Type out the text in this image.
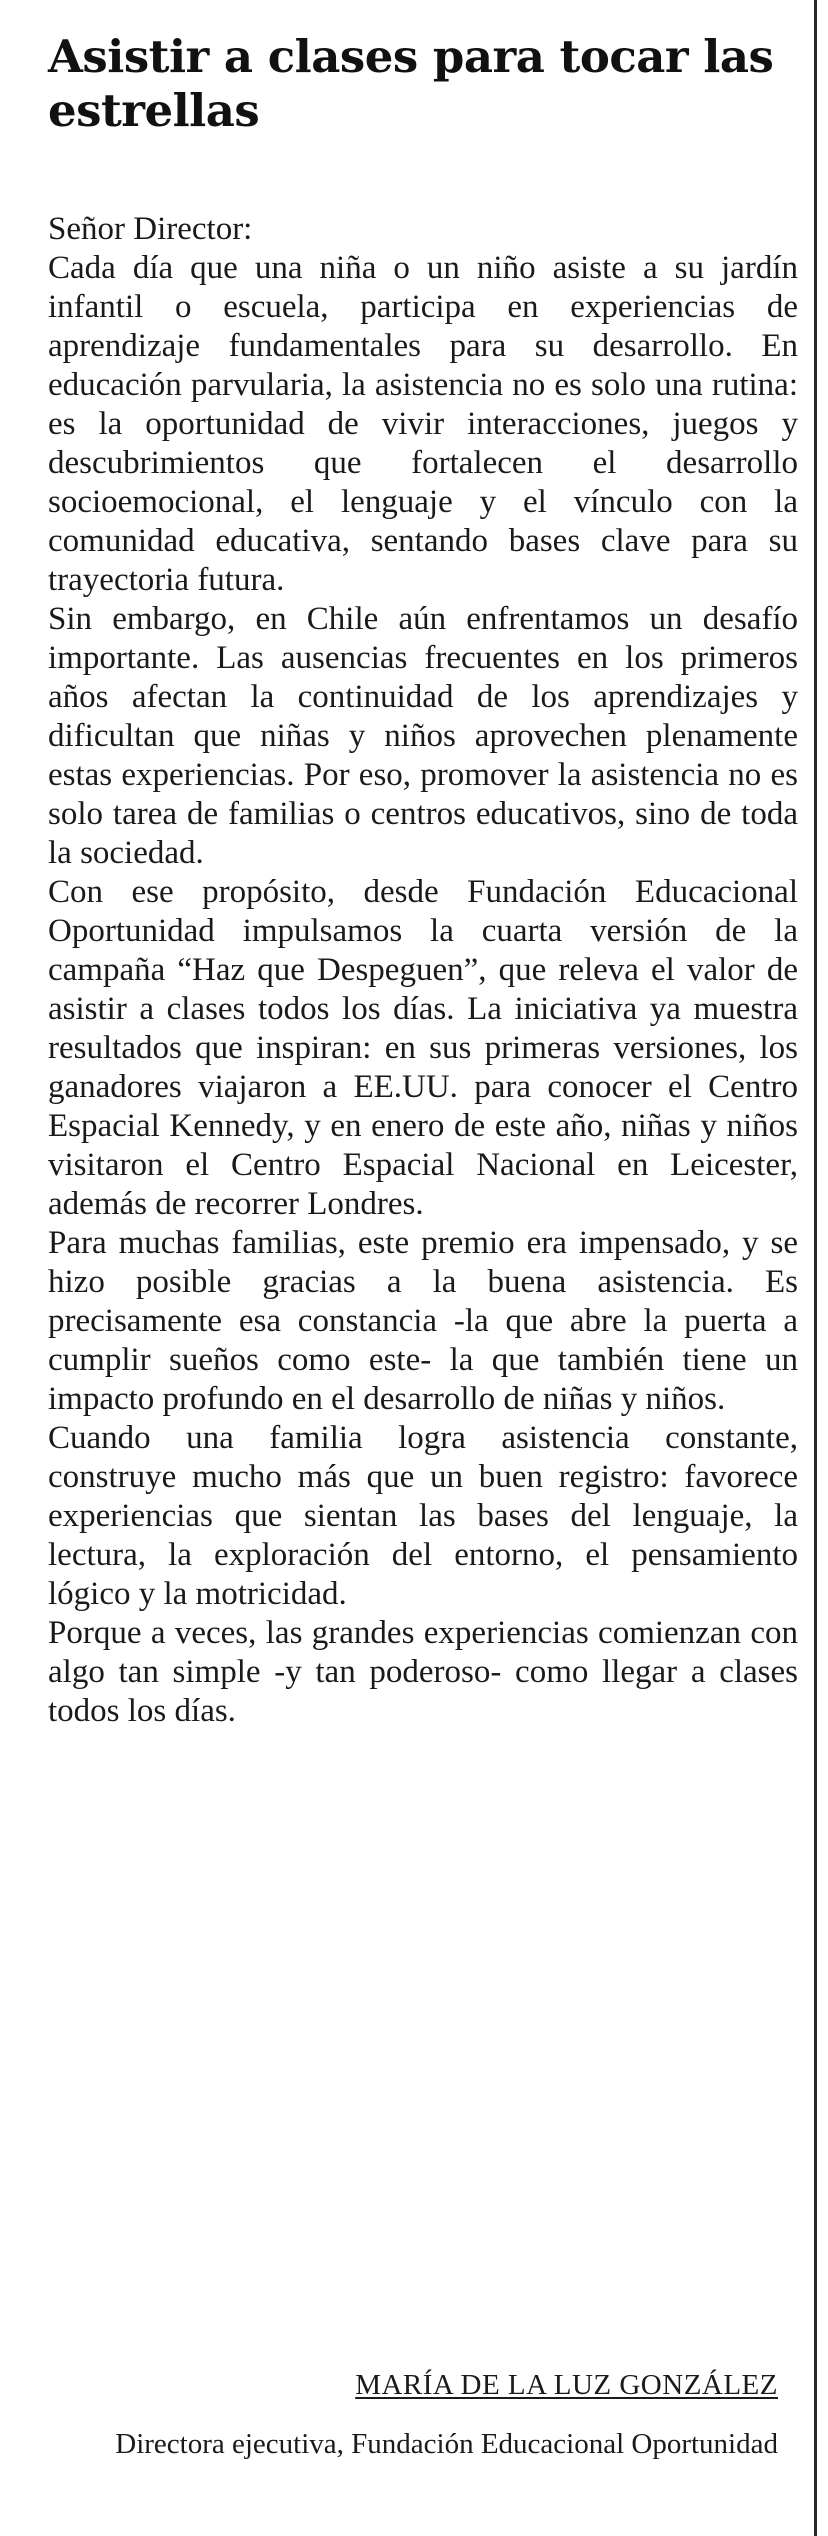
Asistir a clases para tocar las estrellas

Señor Director:

Cada día que una niña o un niño asiste a su jardín infantil o escuela, participa en experiencias de aprendizaje fundamentales para su desarrollo. En educación parvularia, la asistencia no es solo una rutina: es la oportunidad de vivir interacciones, juegos y descubrimientos que fortalecen el desarrollo socioemocional, el lenguaje y el vínculo con la comunidad educativa, sentando bases clave para su trayectoria futura.

Sin embargo, en Chile aún enfrentamos un desafío importante. Las ausencias frecuentes en los primeros años afectan la continuidad de los aprendizajes y dificultan que niñas y niños aprovechen plenamente estas experiencias. Por eso, promover la asistencia no es solo tarea de familias o centros educativos, sino de toda la sociedad.

Con ese propósito, desde Fundación Educacional Oportunidad impulsamos la cuarta versión de la campaña “Haz que Despeguen”, que releva el valor de asistir a clases todos los días. La iniciativa ya muestra resultados que inspiran: en sus primeras versiones, los ganadores viajaron a EE.UU. para conocer el Centro Espacial Kennedy, y en enero de este año, niñas y niños visitaron el Centro Espacial Nacional en Leicester, además de recorrer Londres.

Para muchas familias, este premio era impensado, y se hizo posible gracias a la buena asistencia. Es precisamente esa constancia -la que abre la puerta a cumplir sueños como este- la que también tiene un impacto profundo en el desarrollo de niñas y niños.

Cuando una familia logra asistencia constante, construye mucho más que un buen registro: favorece experiencias que sientan las bases del lenguaje, la lectura, la exploración del entorno, el pensamiento lógico y la motricidad.

Porque a veces, las grandes experiencias comienzan con algo tan simple -y tan poderoso- como llegar a clases todos los días.

MARÍA DE LA LUZ GONZÁLEZ
Directora ejecutiva, Fundación Educacional Oportunidad
